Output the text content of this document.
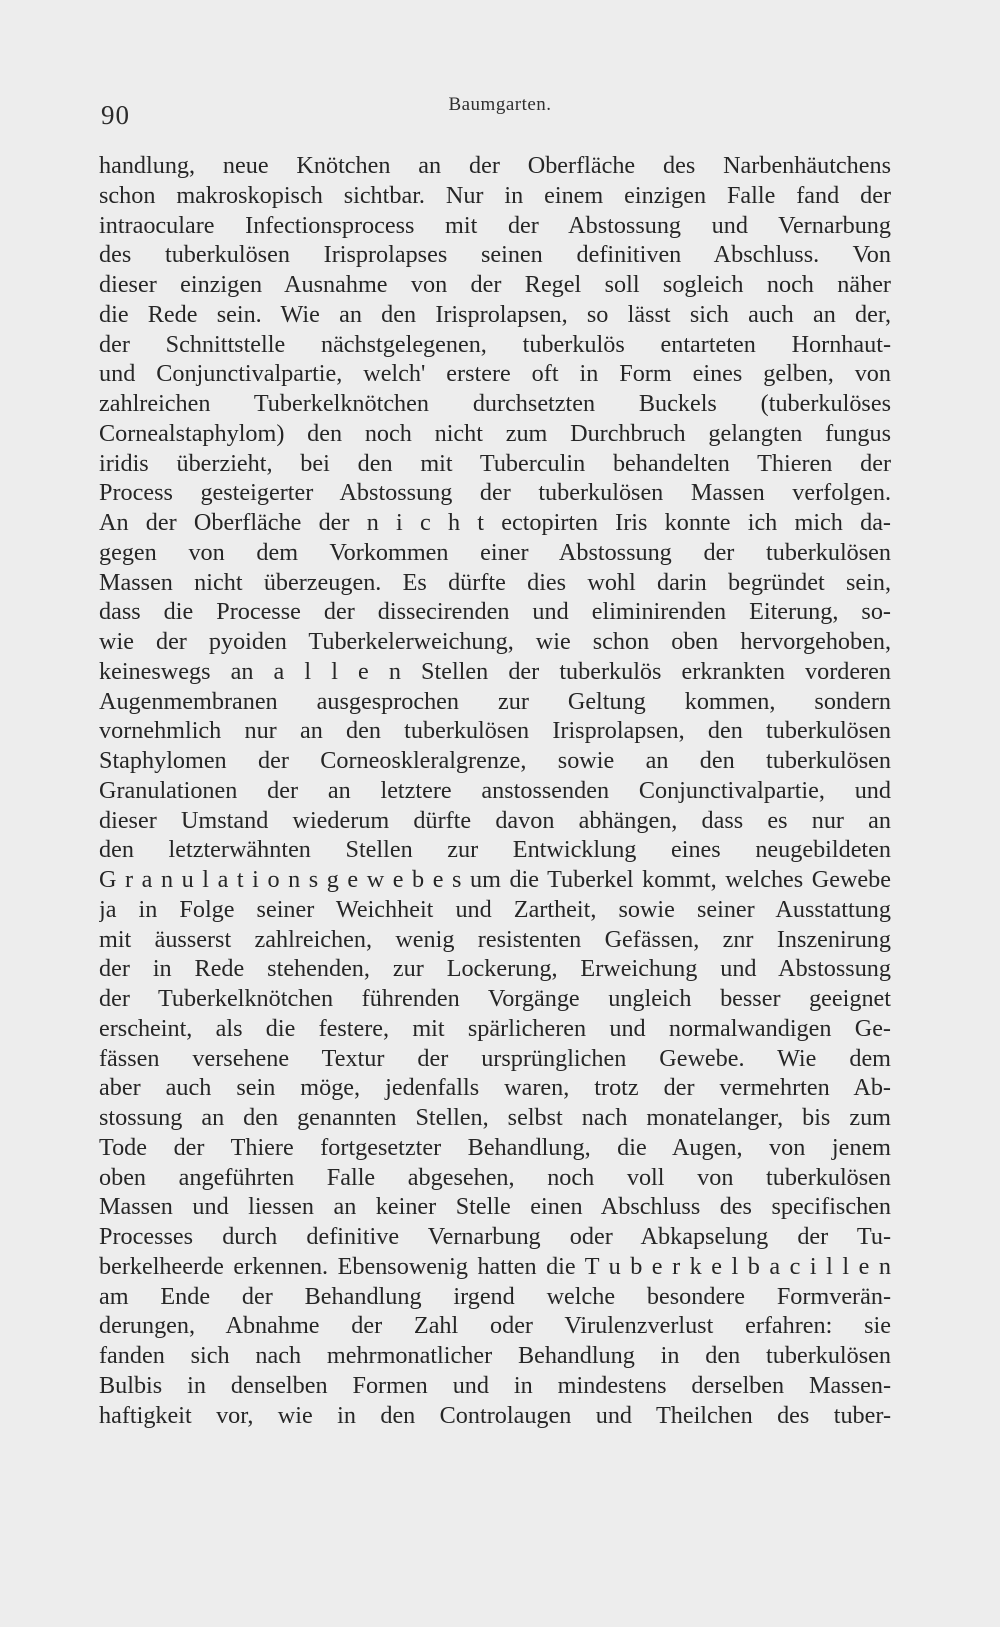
90	Baumgarten.
handlung, neue Knötchen an der Oberfläche des Narbenhäutchens
schon makroskopisch sichtbar. Nur in einem einzigen Falle fand der
intraoculare Infectionsprocess mit der Abstossung und Vernarbung
des tuberkulösen Irisprolapses seinen definitiven Abschluss. Von
dieser einzigen Ausnahme von der Regel soll sogleich noch näher
die Rede sein. Wie an den Irisprolapsen, so lässt sich auch an der,
der Schnittstelle nächstgelegenen, tuberkulös entarteten Hornhaut-
und Conjunctivalpartie, welch' erstere oft in Form eines gelben, von
zahlreichen Tuberkelknötchen durchsetzten Buckels (tuberkulöses
Cornealstaphylom) den noch nicht zum Durchbruch gelangten fungus
iridis überzieht, bei den mit Tuberculin behandelten Thieren der
Process gesteigerter Abstossung der tuberkulösen Massen verfolgen.
An der Oberfläche der n i c h t ectopirten Iris konnte ich mich da-
gegen von dem Vorkommen einer Abstossung der tuberkulösen
Massen nicht überzeugen. Es dürfte dies wohl darin begründet sein,
dass die Processe der dissecirenden und eliminirenden Eiterung, so-
wie der pyoiden Tuberkelerweichung, wie schon oben hervorgehoben,
keineswegs an a l l e n Stellen der tuberkulös erkrankten vorderen
Augenmembranen ausgesprochen zur Geltung kommen, sondern
vornehmlich nur an den tuberkulösen Irisprolapsen, den tuberkulösen
Staphylomen der Corneoskleralgrenze, sowie an den tuberkulösen
Granulationen der an letztere anstossenden Conjunctivalpartie, und
dieser Umstand wiederum dürfte davon abhängen, dass es nur an
den letzterwähnten Stellen zur Entwicklung eines neugebildeten
G r a n u l a t i o n s g e w e b e s um die Tuberkel kommt, welches Gewebe
ja in Folge seiner Weichheit und Zartheit, sowie seiner Ausstattung
mit äusserst zahlreichen, wenig resistenten Gefässen, znr Inszenirung
der in Rede stehenden, zur Lockerung, Erweichung und Abstossung
der Tuberkelknötchen führenden Vorgänge ungleich besser geeignet
erscheint, als die festere, mit spärlicheren und normalwandigen Ge-
fässen versehene Textur der ursprünglichen Gewebe. Wie dem
aber auch sein möge, jedenfalls waren, trotz der vermehrten Ab-
stossung an den genannten Stellen, selbst nach monatelanger, bis zum
Tode der Thiere fortgesetzter Behandlung, die Augen, von jenem
oben angeführten Falle abgesehen, noch voll von tuberkulösen
Massen und liessen an keiner Stelle einen Abschluss des specifischen
Processes durch definitive Vernarbung oder Abkapselung der Tu-
berkelheerde erkennen. Ebensowenig hatten die T u b e r k e l b a c i l l e n
am Ende der Behandlung irgend welche besondere Formverän-
derungen, Abnahme der Zahl oder Virulenzverlust erfahren: sie
fanden sich nach mehrmonatlicher Behandlung in den tuberkulösen
Bulbis in denselben Formen und in mindestens derselben Massen-
haftigkeit vor, wie in den Controlaugen und Theilchen des tuber-
